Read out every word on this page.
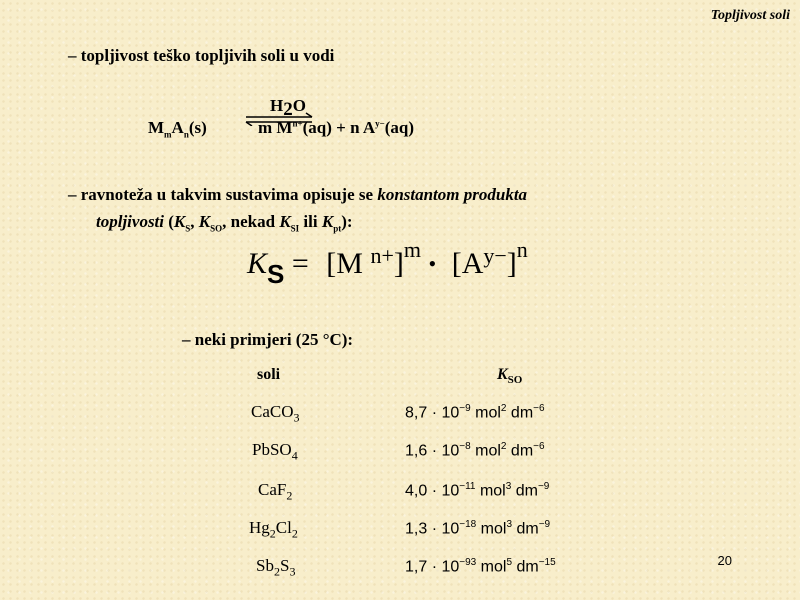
Topljivost soli
– topljivost teško topljivih soli u vodi
$H_2O$
$M_mA_n(s)$	m $M^{n+}(aq) + n$ $A^{y-}(aq)$
– ravnoteža u takvim sustavima opisuje se konstantom produkta
topljivosti ($K_S$, $K_{SO}$, nekad $K_{SI}$ ili $K_{pt}$):
KS = [M $^{n+}$]$^m$ • $[A^{y-}]^n$
– neki primjeri (25 °C):
soli	$K_{SO}$
CaCO$_3$	$8,7 \cdot 10^{-9}$ mol$^2$ $dm^{-6}$
PbSO$_4$	$1,6 \cdot 10^{-8}$ mol$^2$ $dm^{-6}$
CaF$_2$	$4,0 \cdot 10^{-11}$ mol$^3$ $dm^{-9}$
$Hg_2Cl_2$	$1,3 \cdot 10^{-18}$ mol$^3$ $dm^{-9}$
$Sb_2S_3$	$1,7 \cdot 10^{-93}$ mol$^5$ $dm^{-15}$	20
